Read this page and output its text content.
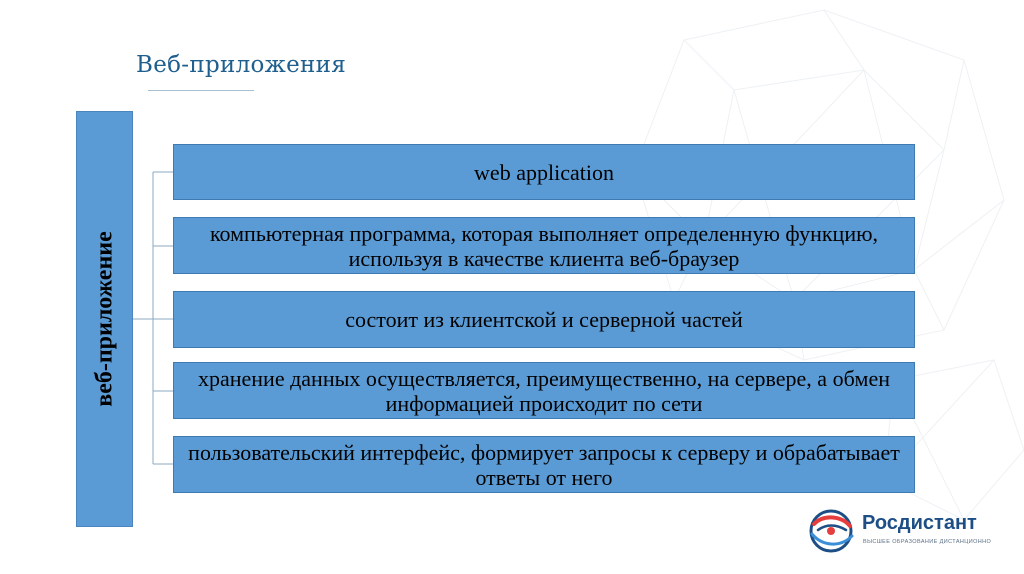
Веб-приложения
веб-приложение
web application
компьютерная программа, которая выполняет определенную функцию, используя в качестве клиента веб-браузер
состоит из клиентской и серверной частей
хранение данных осуществляется, преимущественно, на сервере, а обмен информацией происходит по сети
пользовательский интерфейс, формирует запросы к серверу и обрабатывает ответы от него
Росдистант
ВЫСШЕЕ ОБРАЗОВАНИЕ ДИСТАНЦИОННО
